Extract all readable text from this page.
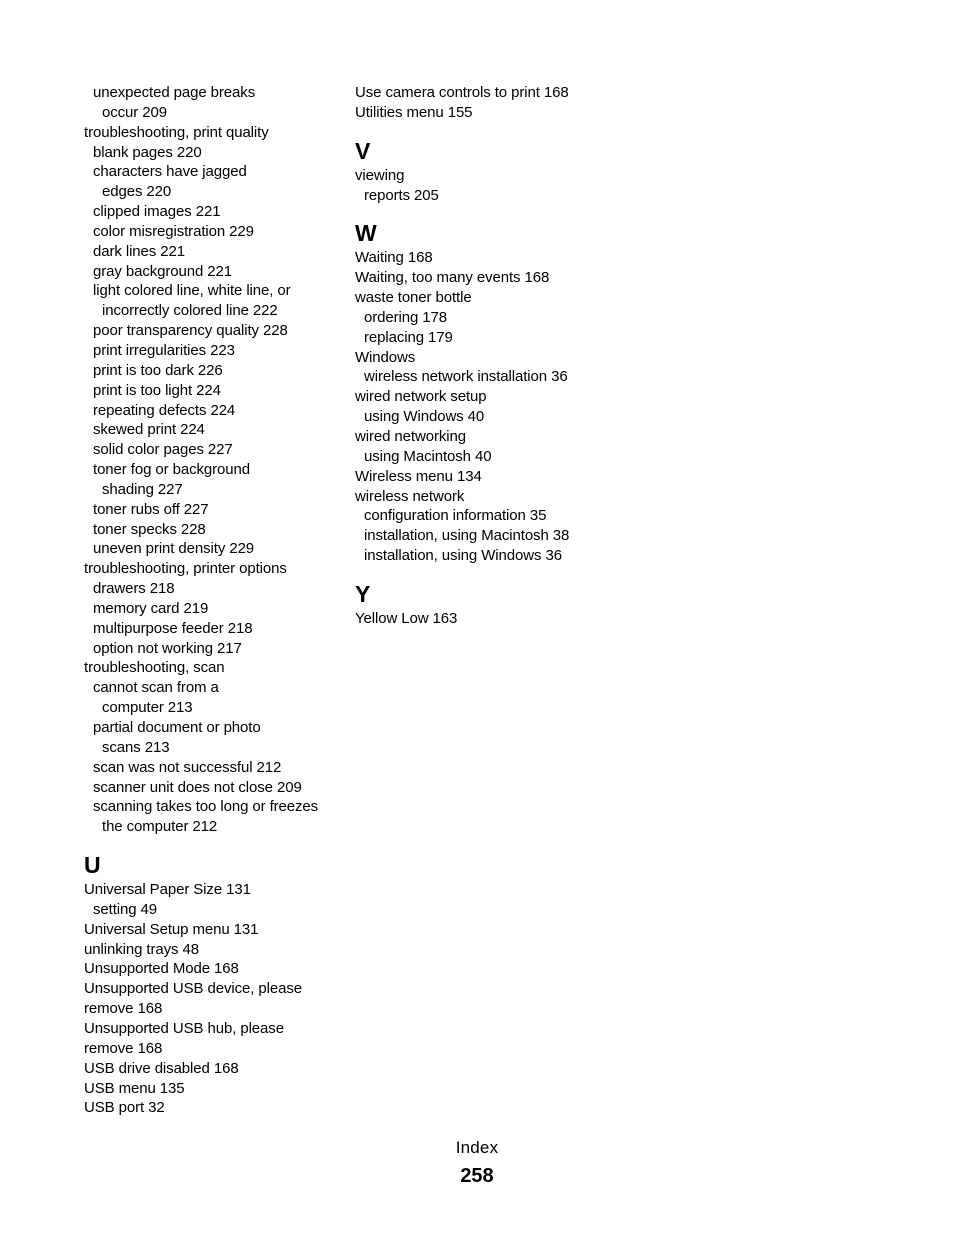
unexpected page breaks
occur 209
troubleshooting, print quality
blank pages 220
characters have jagged
edges 220
clipped images 221
color misregistration 229
dark lines 221
gray background 221
light colored line, white line, or
incorrectly colored line 222
poor transparency quality 228
print irregularities 223
print is too dark 226
print is too light 224
repeating defects 224
skewed print 224
solid color pages 227
toner fog or background
shading 227
toner rubs off 227
toner specks 228
uneven print density 229
troubleshooting, printer options
drawers 218
memory card 219
multipurpose feeder 218
option not working 217
troubleshooting, scan
cannot scan from a
computer 213
partial document or photo
scans 213
scan was not successful 212
scanner unit does not close 209
scanning takes too long or freezes
the computer 212
U
Universal Paper Size 131
setting 49
Universal Setup menu 131
unlinking trays 48
Unsupported Mode 168
Unsupported USB device, please
remove 168
Unsupported USB hub, please
remove 168
USB drive disabled 168
USB menu 135
USB port 32
Use camera controls to print 168
Utilities menu 155
V
viewing
reports 205
W
Waiting 168
Waiting, too many events 168
waste toner bottle
ordering 178
replacing 179
Windows
wireless network installation 36
wired network setup
using Windows 40
wired networking
using Macintosh 40
Wireless menu 134
wireless network
configuration information 35
installation, using Macintosh 38
installation, using Windows 36
Y
Yellow Low 163
Index
258
